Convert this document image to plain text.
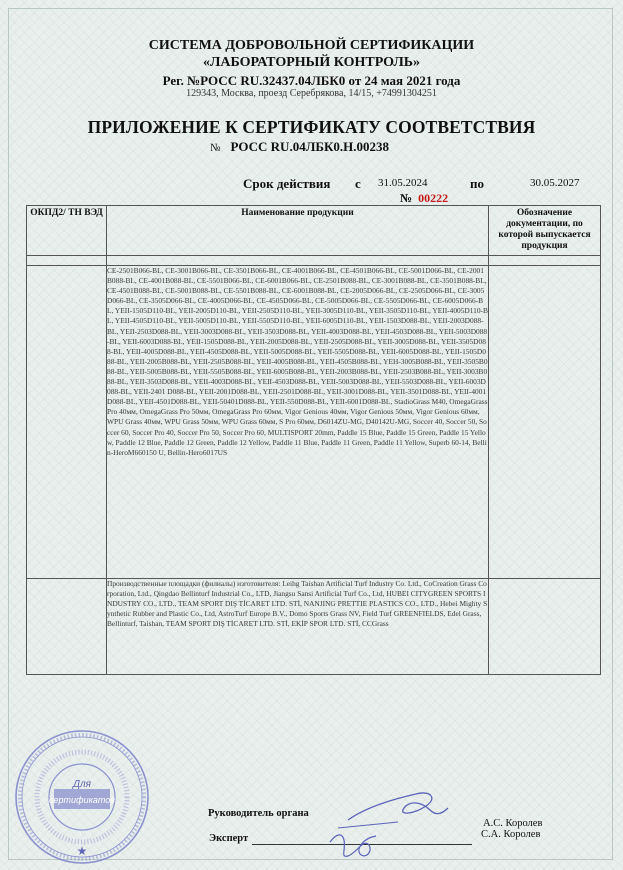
СИСТЕМА ДОБРОВОЛЬНОЙ СЕРТИФИКАЦИИ
«ЛАБОРАТОРНЫЙ КОНТРОЛЬ»
Рег. №РОСС RU.32437.04ЛБК0 от 24 мая 2021 года
129343, Москва, проезд Серебрякова, 14/15, +74991304251
ПРИЛОЖЕНИЕ К СЕРТИФИКАТУ СООТВЕТСТВИЯ
№ РОСС RU.04ЛБК0.Н.00238
Срок действия с 31.05.2024	по	30.05.2027
№ 00222
ОКПД2/ ТН ВЭД	Наименование продукции	Обозначение документации, по которой выпускается продукция

	CE-2501B066-BL, CE-3001B066-BL, CE-3501B066-BL, CE-4001B066-BL, CE-4501B066-BL, CE-5001D066-BL, CE-2001B088-BL, CE-4001B088-BL, CE-5501B066-BL, CE-6001B066-BL, CE-2501B088-BL, CE-3001B088-BL, CE-3501B088-BL, CE-4501B088-BL, CE-5001B088-BL, CE-5501B088-BL, CE-6001B088-BL, CE-2005D066-BL, CE-2505D066-BL, CE-3005D066-BL, CE-3505D066-BL, CE-4005D066-BL, CE-4505D066-BL, CE-5005D066-BL, CE-5505D066-BL, CE-6005D066-BL, YEII-1505D110-BL, YEII-2005D110-BL, YEII-2505D110-BL, YEII-3005D110-BL, YEII-3505D110-BL, YEII-4005D110-BL, YEII-4505D110-BL, YEII-5005D110-BL, YEII-5505D110-BL, YEII-6005D110-BL, YEII-1503D088-BL, YEII-2003D088-BL, YEII-2503D088-BL, YEII-3003D088-BL, YEII-3503D088-BL, YEII-4003D088-BL, YEII-4503D088-BL, YEII-5003D088-BL, YEII-6003D088-BL, YEII-1505D088-BL, YEII-2005D088-BL, YEII-2505D088-BL, YEII-3005D088-BL, YEII-3505D088-BL, YEII-4005D088-BL, YEII-4505D088-BL, YEII-5005D088-BL, YEII-5505D088-BL, YEII-6005D088-BL, YEII-1505D088-BL, YEII-2005B088-BL, YEII-2505B088-BL, YEII-4005B088-BL, YEII-4505B088-BL, YEH-3005B088-BL, YEII-3505B088-BL, YEII-5005B088-BL, YEII-5505B088-BL, YEII-6005B088-BL, YEII-2003B088-BL, YEII-2503B088-BL, YEII-3003B088-BL, YEII-3503D088-BL, YEII-4003D088-BL, YEII-4503D088-BL, YEII-5003D088-BL, YEII-5503D088-BL, YEII-6003D088-BL, YEII-2401 D088-BL, YEII-2001D088-BL, YEII-2501D088-BL, YEII-3001D088-BL, YEII-3501D088-BL, YEII-4001D088-BL, YEII-4501D088-BL, YEII-50401D088-BL, YEII-550D088-BL, YEII-6001D088-BL, StadioGrass M40, OmegaGrass Pro 40мм, OmegaGrass Pro 50мм, OmegaGrass Pro 60мм, Vigor Genious 40мм, Vigor Genious 50мм, Vigor Genious 60мм, WPU Grass 40мм, WPU Grass 50мм, WPU Grass 60мм, S Pro 60мм, D6014ZU-MG, D40142U-MG, Soccer 40, Soccer 50, Soccer 60, Soccer Pro 40, Soccer Pro 50, Soccer Pro 60, MULTISPORT 20mm, Paddle 15 Blue, Paddle 15 Green, Paddle 15 Yellow, Paddle 12 Blue, Paddle 12 Green, Paddle 12 Yellow, Paddle 11 Blue, Paddle 11 Green, Paddle 11 Yellow, Superb 60-14, Bellin-HeroM660150 U, Bellin-Hero6017US	
	Производственные площадки (филиалы) изготовителя: Leihg Taishan Artificial Turf Industry Co. Ltd., CoCreation Grass Corporation, Ltd., Qingdao Bellinturf Industrial Co., LTD, Jiangsu Sansi Artificial Turf Co., Ltd, HUBEI CITYGREEN SPORTS INDUSTRY CO., LTD., TEAM SPORT DIŞ TİCARET LTD. STİ, NANJING PRETTIE PLASTICS CO., LTD., Hebei Mighty Synthetic Rubber and Plastic Co., Ltd, AstroTurf Europe B.V., Domo Sports Grass NV, Field Turf GREENFIELDS, Edel Grass, Bellinturf, Taishan, TEAM SPORT DIŞ TİCARET LTD. STİ, EKİP SPOR LTD. STİ, CCGrass	
Для
сертификатов
★
Руководитель органа
Эксперт
А.С. Королев
С.А. Королев
